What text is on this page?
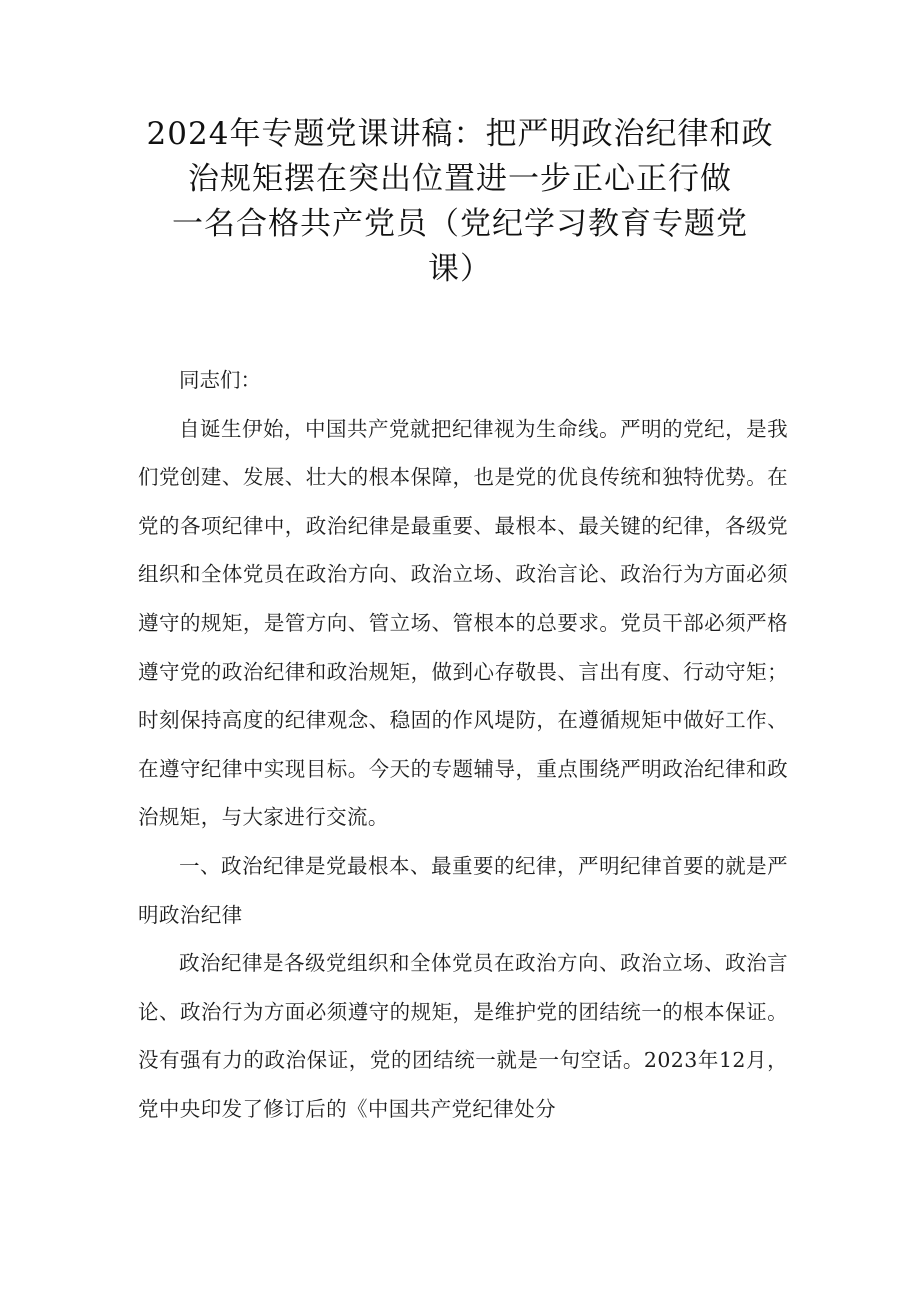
2024年专题党课讲稿：把严明政治纪律和政
治规矩摆在突出位置进一步正心正行做
一名合格共产党员（党纪学习教育专题党
课）

同志们：

自诞生伊始，中国共产党就把纪律视为生命线。严明的党纪，是我们党创建、发展、壮大的根本保障，也是党的优良传统和独特优势。在党的各项纪律中，政治纪律是最重要、最根本、最关键的纪律，各级党组织和全体党员在政治方向、政治立场、政治言论、政治行为方面必须遵守的规矩，是管方向、管立场、管根本的总要求。党员干部必须严格遵守党的政治纪律和政治规矩，做到心存敬畏、言出有度、行动守矩；时刻保持高度的纪律观念、稳固的作风堤防，在遵循规矩中做好工作、在遵守纪律中实现目标。今天的专题辅导，重点围绕严明政治纪律和政治规矩，与大家进行交流。

一、政治纪律是党最根本、最重要的纪律，严明纪律首要的就是严明政治纪律

政治纪律是各级党组织和全体党员在政治方向、政治立场、政治言论、政治行为方面必须遵守的规矩，是维护党的团结统一的根本保证。没有强有力的政治保证，党的团结统一就是一句空话。2023年12月，党中央印发了修订后的《中国共产党纪律处分
